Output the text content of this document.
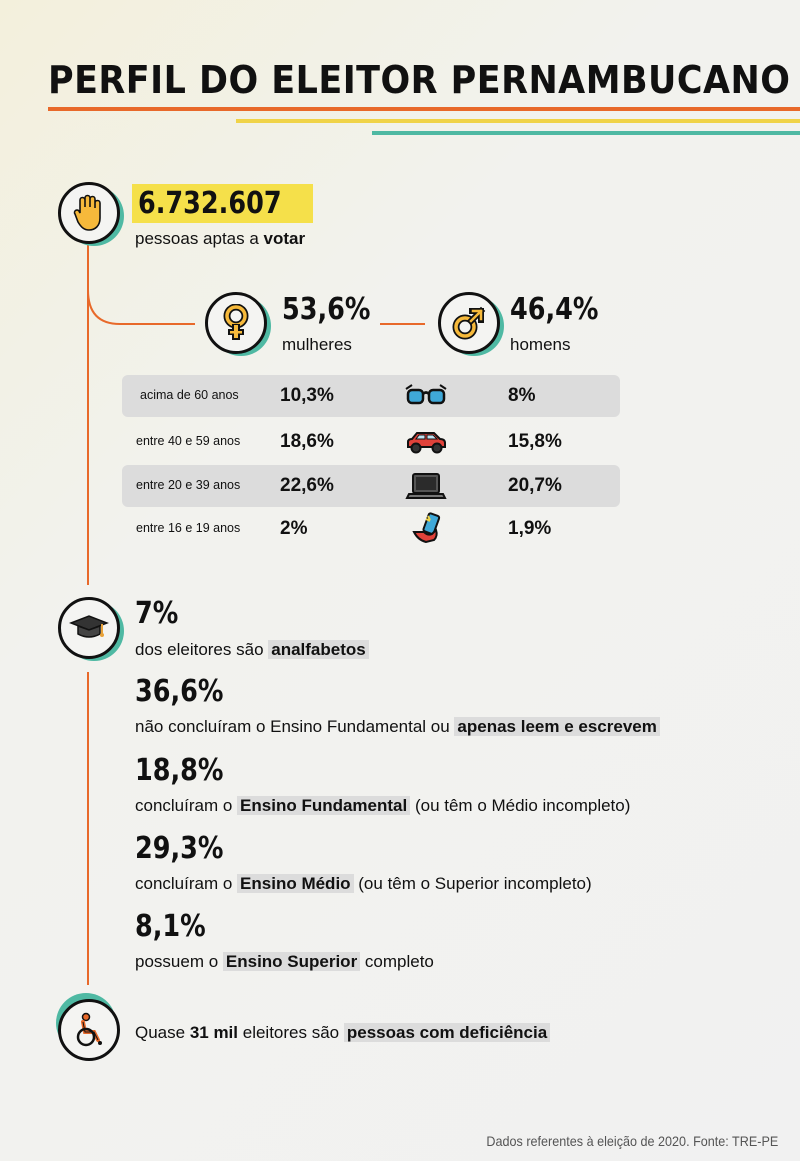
PERFIL DO ELEITOR PERNAMBUCANO
6.732.607
pessoas aptas a votar
53,6%
mulheres
46,4%
homens
acima de 60 anos 10,3%	8%
entre 40 e 59 anos 18,6%	15,8%
entre 20 e 39 anos 22,6%	20,7%
entre 16 e 19 anos 2%	1,9%
7%
dos eleitores são analfabetos
36,6%
não concluíram o Ensino Fundamental ou apenas leem e escrevem
18,8%
concluíram o Ensino Fundamental (ou têm o Médio incompleto)
29,3%
concluíram o Ensino Médio (ou têm o Superior incompleto)
8,1%
possuem o Ensino Superior completo
Quase 31 mil eleitores são pessoas com deficiência
Dados referentes à eleição de 2020. Fonte: TRE-PE
